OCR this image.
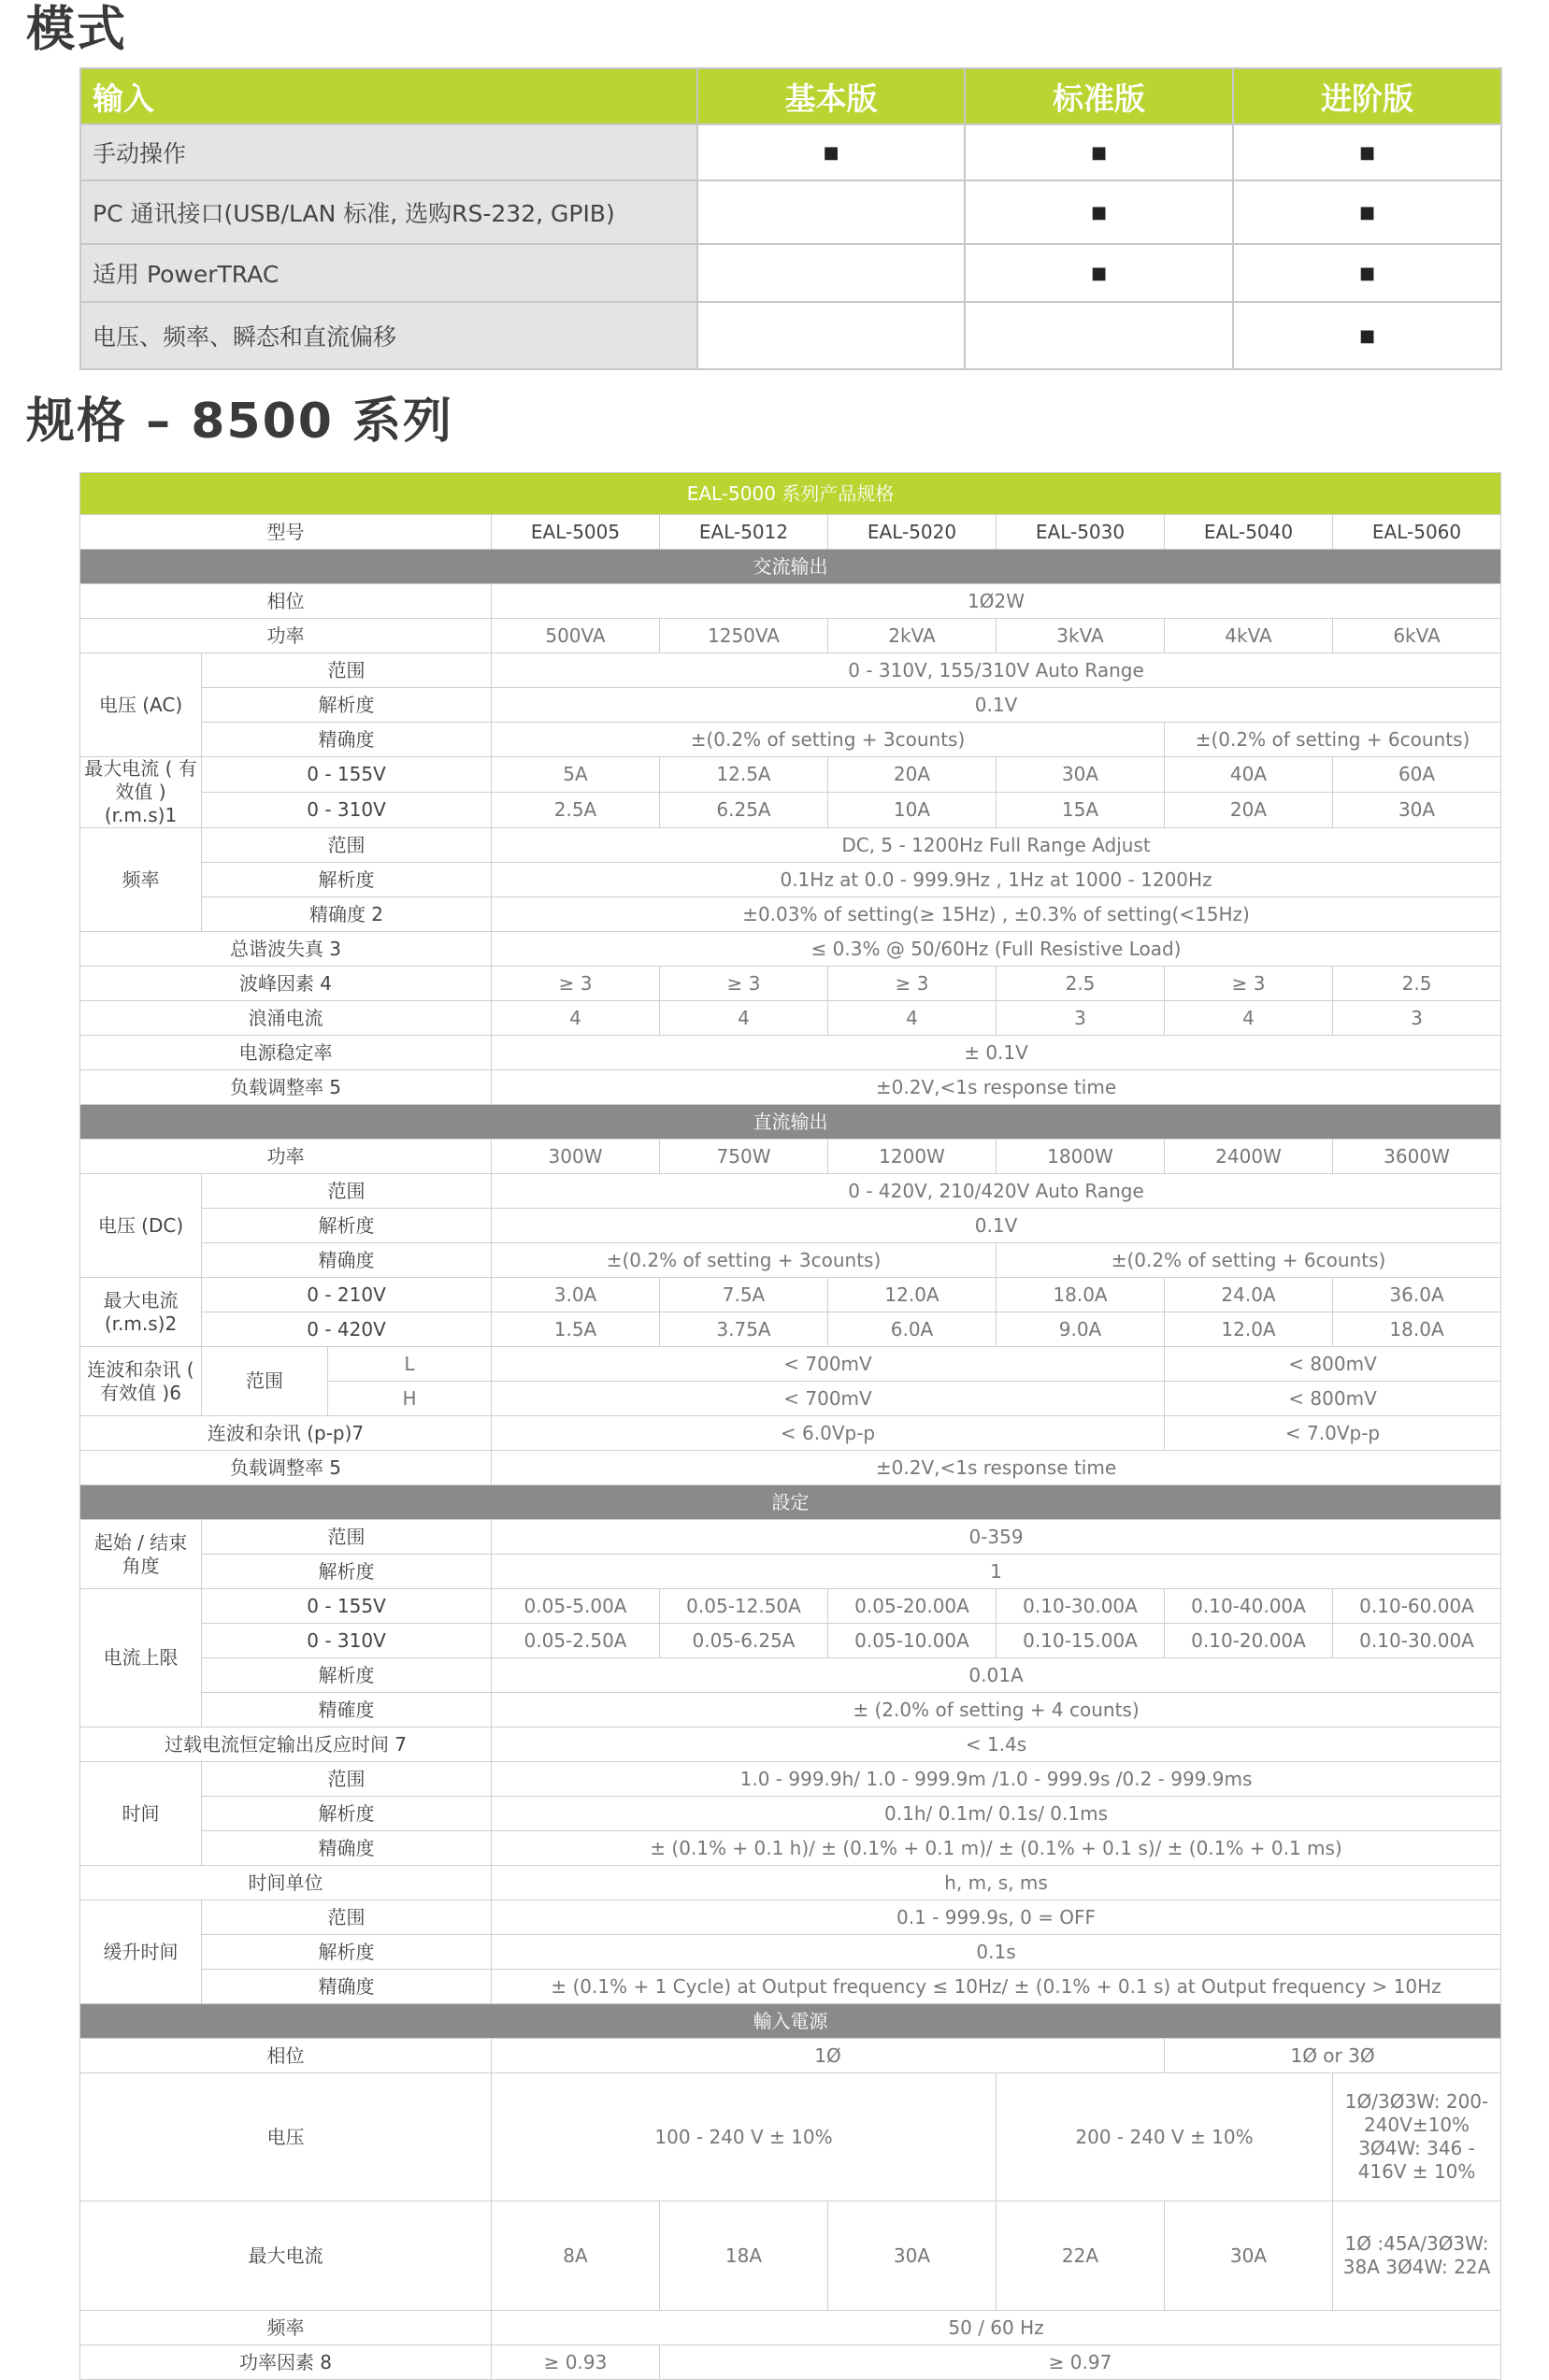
模式
输入	基本版	标准版	进阶版
手动操作	■	■	■
PC 通讯接口(USB/LAN 标准, 选购RS-232, GPIB)		■	■
适用 PowerTRAC		■	■
电压、频率、瞬态和直流偏移			■
规格 – 8500 系列
EAL-5000 系列产品规格								
型号			EAL-5005	EAL-5012	EAL-5020	EAL-5030	EAL-5040	EAL-5060
交流输出								
相位			1Ø2W					
功率			500VA	1250VA	2kVA	3kVA	4kVA	6kVA
电压 (AC)	范围		0 - 310V, 155/310V Auto Range					
	解析度		0.1V					
	精确度		±(0.2% of setting + 3counts)				±(0.2% of setting + 6counts)	
最大电流 ( 有效值 ) (r.m.s)1	0 - 155V		5A	12.5A	20A	30A	40A	60A
	0 - 310V		2.5A	6.25A	10A	15A	20A	30A
频率	范围		DC, 5 - 1200Hz Full Range Adjust					
	解析度		0.1Hz at 0.0 - 999.9Hz , 1Hz at 1000 - 1200Hz					
	精确度 2		±0.03% of setting(≥ 15Hz) , ±0.3% of setting(<15Hz)					
总谐波失真 3			≤ 0.3% @ 50/60Hz (Full Resistive Load)					
波峰因素 4			≥ 3	≥ 3	≥ 3	2.5	≥ 3	2.5
浪涌电流			4	4	4	3	4	3
电源稳定率			± 0.1V					
负载调整率 5			±0.2V,<1s response time					
直流输出								
功率			300W	750W	1200W	1800W	2400W	3600W
电压 (DC)	范围		0 - 420V, 210/420V Auto Range					
	解析度		0.1V					
	精确度		±(0.2% of setting + 3counts)			±(0.2% of setting + 6counts)		
最大电流 (r.m.s)2	0 - 210V		3.0A	7.5A	12.0A	18.0A	24.0A	36.0A
	0 - 420V		1.5A	3.75A	6.0A	9.0A	12.0A	18.0A
连波和杂讯 ( 有效值 )6	范围	L	< 700mV				< 800mV	
		H	< 700mV				< 800mV	
连波和杂讯 (p-p)7			< 6.0Vp-p				< 7.0Vp-p	
负载调整率 5			±0.2V,<1s response time					
設定								
起始 / 结束 角度	范围		0-359					
	解析度		1					
电流上限	0 - 155V		0.05-5.00A	0.05-12.50A	0.05-20.00A	0.10-30.00A	0.10-40.00A	0.10-60.00A
	0 - 310V		0.05-2.50A	0.05-6.25A	0.05-10.00A	0.10-15.00A	0.10-20.00A	0.10-30.00A
	解析度		0.01A					
	精確度		± (2.0% of setting + 4 counts)					
过载电流恒定输出反应时间 7			< 1.4s					
时间	范围		1.0 - 999.9h/ 1.0 - 999.9m /1.0 - 999.9s /0.2 - 999.9ms					
	解析度		0.1h/ 0.1m/ 0.1s/ 0.1ms					
	精确度		± (0.1% + 0.1 h)/ ± (0.1% + 0.1 m)/ ± (0.1% + 0.1 s)/ ± (0.1% + 0.1 ms)					
时间单位			h, m, s, ms					
缓升时间	范围		0.1 - 999.9s, 0 = OFF					
	解析度		0.1s					
	精确度		± (0.1% + 1 Cycle) at Output frequency ≤ 10Hz/ ± (0.1% + 0.1 s) at Output frequency > 10Hz					
輸入電源								
相位			1Ø				1Ø or 3Ø	
电压			100 - 240 V ± 10%			200 - 240 V ± 10%		1Ø/3Ø3W: 200-240V±10% 3Ø4W: 346 - 416V ± 10%
最大电流			8A	18A	30A	22A	30A	1Ø :45A/3Ø3W: 38A 3Ø4W: 22A
频率			50 / 60 Hz					
功率因素 8			≥ 0.93	≥ 0.97				
